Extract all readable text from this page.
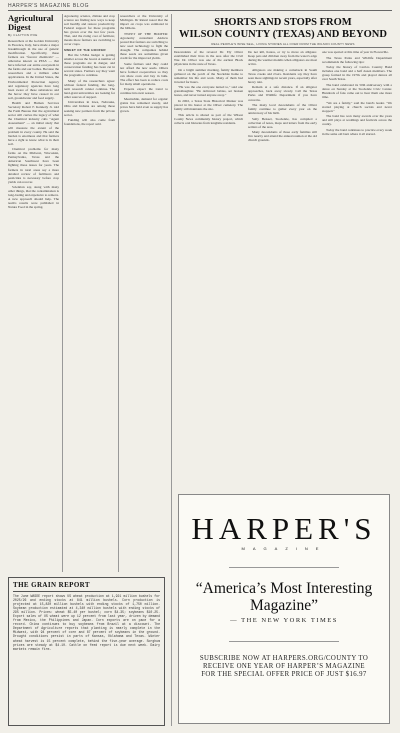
HARPER'S MAGAZINE BLOG
Agricultural Digest
By CLAYTON POE

Researchers at the Golden University in Florence, Italy, have made a major breakthrough in the use of genetic modification. Specifically, these farmers are "forever chemicals" — otherwise known as PFAS — that have infected our entire ecosystem in the farms and our bodies. Because the researchers and a million other applications. In the United States, the Environmental Protection Agency and regulatory agencies have long been aware of these substances and the havoc they have caused in our soil, groundwater and food supply.

Health and Human Services Secretary Robert F. Kennedy Jr. told the Farm Bureau that the agricultural sector still carries the legacy of what the Chemical industry calls "Agent Assessment" — an initial study that will measure the extent of the problem in every county. He said the burden is enormous and that farmers have a right to know what is in their soil.

Chemical problems for many farms on the Midwest, Wisconsin, Pennsylvania, Texas and the American Southwest have been fighting these issues for years. The farmers in rural areas say a more detailed review of fertilizers and pesticides is necessary before crop yields can recover.

Scientists say, along with many other things, that the contamination is long-lasting and expensive to remove. A new approach should help. The team's results were published in Nature Food in the spring.

Agronomy, science, climate and crop science are finding new ways to keep soil healthy and restore productivity. Federal support for these programs has grown over the last few years. That, and the rising cost of fertilizer, means more farmers are switching to cover crops.

SWEET OF THE HOOFER

But the USDA budget is getting smaller across the board. A number of these programs are in danger, and conservation funding has been cut in several states. Farmers say they want the programs to continue.

Many of the researchers agree: without federal funding, the long-term research cannot continue. The land-grant universities are looking for other sources of support.

Universities in Iowa, Nebraska, Ohio and Indiana are among those seeking new partners from the private sector.

Funding will also come from foundations, the report said.

researchers at the University of Michigan. Dr Ratzel noted that the impact on crops was estimated in the billions.

TWEET OF THE HOOFER: Agronomy consultant Andrew posted that farmers are switching to new seed technology to fight the drought. The companies behind these seeds are sometimes given credit for the improved yields.

Some farmers said they could not afford the new seeds. Others have formed cooperatives so they can share costs and buy in bulk. The effect has been to reduce costs for many small operations.

Experts expect the trend to continue into next season.

Meanwhile, demand for organic grains has remained steady, and prices have held even as supply has grown.

SHORTS AND STOPS FROM
WILSON COUNTY (TEXAS) AND BEYOND
REAL PEOPLE'S WISE SELL, LIVING STORIES ALL OVER FROM THE WILSON COUNTY NEWS

Descendants of the revered Dr. Ely Oliver established their lives in the area after the Civil War. Dr. Oliver was one of the earliest Black physicians in the state of Texas.

On a bright summer morning, family members gathered on the porch of the Stockdale home to remember his life and work. Many of them had traveled for hours.

"He was the one everyone turned to," said one granddaughter. "He delivered babies, set broken bones, and never turned anyone away."

In 2002, a Texas State Historical Marker was placed in his honor at the Oliver cemetery. The family still maintains the site.

This article is shared as part of the Wilson County News community history project, which collects oral histories from longtime residents.

Do not kill, harass, or try to move an alligator. Keep pets and children away from the water's edge during the warmer months when alligators are most active.

Alligators are making a comeback in South Texas creeks and rivers. Residents say they have seen more sightings in recent years, especially after heavy rain.

Remain at a safe distance. If an alligator approaches, back away slowly. Call the Texas Parks and Wildlife Department if you have concerns.

The many local descendants of the Oliver family continue to gather every year on the anniversary of his birth.

Sally Beissel, Stockdale, has compiled a collection of notes, maps and letters from the early settlers of the area.

Many descendants of those early families still live nearby and attend the annual reunion at the old church grounds.

one was spotted at this time of year in Floresville.

The Texas Parks and Wildlife Department recommends the following tips:

Today the history of Carrizo Country Band includes one band and a half dozen members. The group formed in the 1970s and played dances all over South Texas.

The band celebrated its 50th anniversary with a dance on Sunday at the Stockdale Civic Center. Hundreds of fans came out to hear them one more time.

"We are a family," said the band's leader. "We started playing at church socials and never stopped."

The band has won many awards over the years and still plays at weddings and festivals across the county.

Today the band continues to practice every week in the same old barn where it all started.

THE GRAIN REPORT
The June WASDE report shows US wheat production at 1,921 million bushels for 2025/26 and ending stocks at 841 million bushels. Corn production is projected at 15,820 million bushels with ending stocks of 1,750 million. Soybean production estimated at 4,340 million bushels with ending stocks of 295 million. Prices: wheat $5.40 per bushel; corn $4.35; soybeans $10.25. Export sales of US wheat were up 12 percent from last year, driven by demand from Mexico, the Philippines and Japan. Corn exports are on pace for a record. China continues to buy soybeans from Brazil at a discount. The Department of Agriculture reports that planting is nearly complete in the Midwest, with 94 percent of corn and 87 percent of soybeans in the ground. Drought conditions persist in parts of Kansas, Oklahoma and Texas. Winter wheat harvest is 15 percent complete, behind the five-year average. Sorghum prices are steady at $4.10. Cattle on feed report is due next week. Dairy markets remain firm.
HARPER'S
MAGAZINE
“America’s Most Interesting Magazine”
— THE NEW YORK TIMES
SUBSCRIBE NOW AT HARPERS.ORG/COUNTY TO RECEIVE ONE YEAR OF HARPER’S MAGAZINE FOR THE SPECIAL OFFER PRICE OF JUST $16.97
